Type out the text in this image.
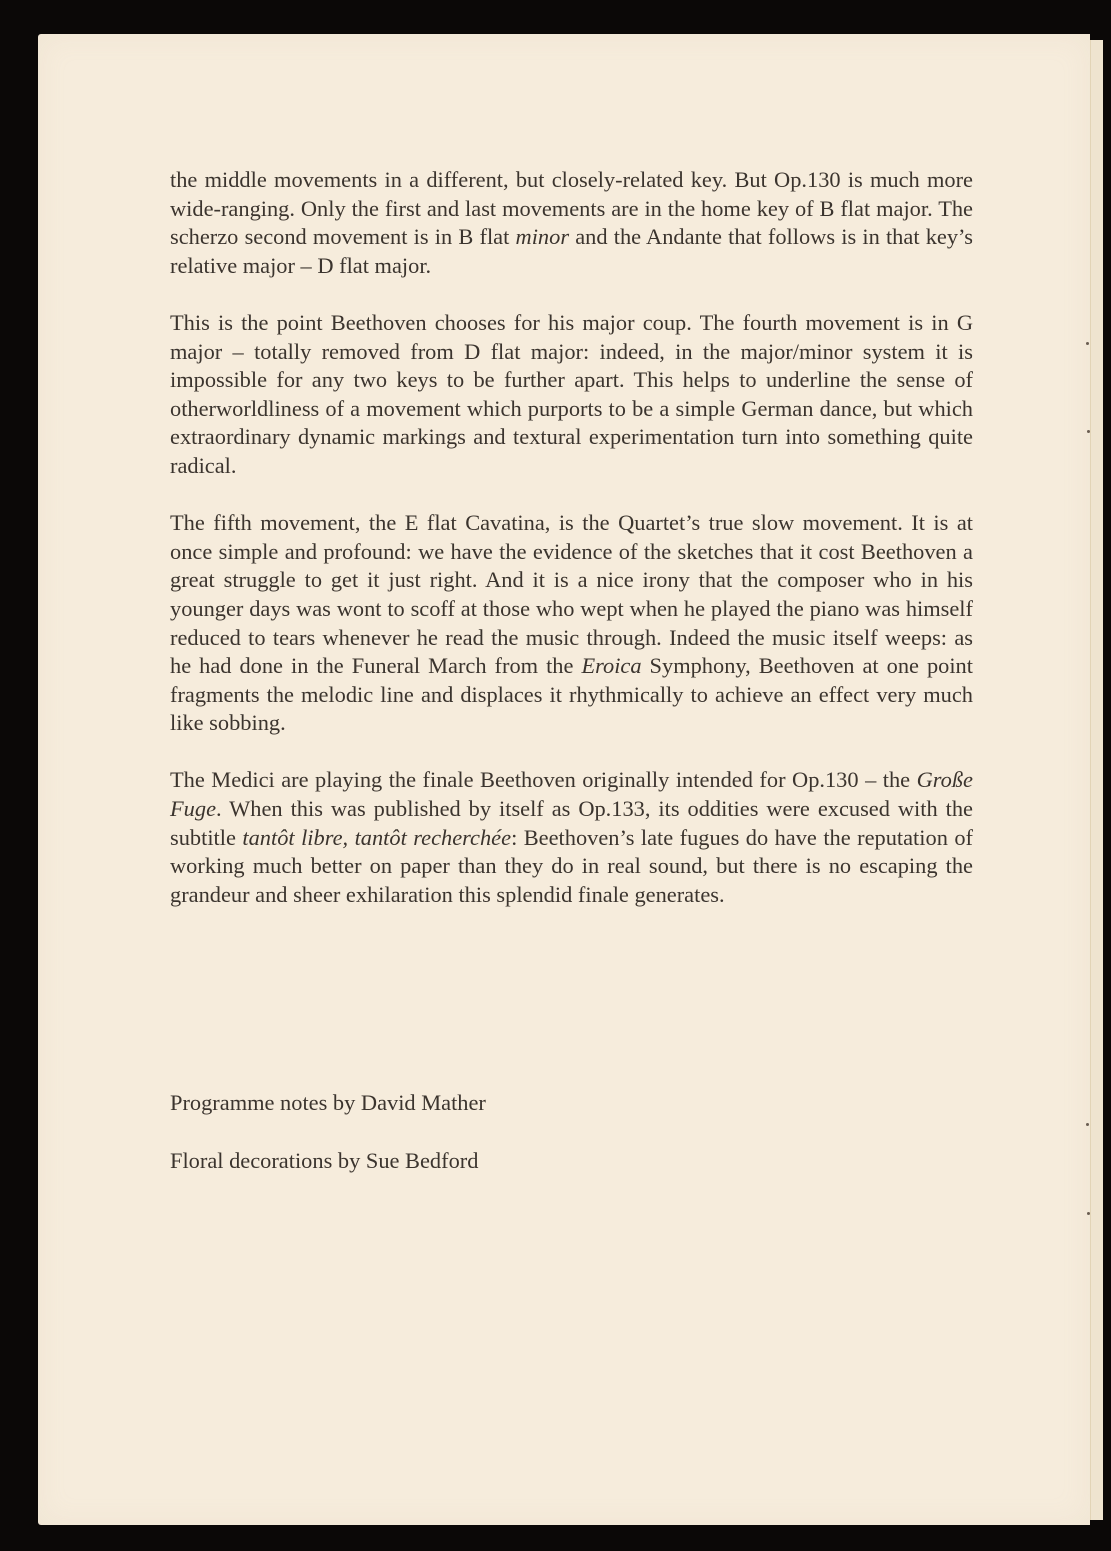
the middle movements in a different, but closely-related key. But Op.130 is much more wide-ranging. Only the first and last movements are in the home key of B flat major. The scherzo second movement is in B flat minor and the Andante that follows is in that key’s relative major – D flat major.

This is the point Beethoven chooses for his major coup. The fourth movement is in G major – totally removed from D flat major: indeed, in the major/minor system it is impossible for any two keys to be further apart. This helps to underline the sense of otherworldliness of a movement which purports to be a simple German dance, but which extraordinary dynamic markings and textural experimentation turn into something quite radical.

The fifth movement, the E flat Cavatina, is the Quartet’s true slow movement. It is at once simple and profound: we have the evidence of the sketches that it cost Beethoven a great struggle to get it just right. And it is a nice irony that the composer who in his younger days was wont to scoff at those who wept when he played the piano was himself reduced to tears whenever he read the music through. Indeed the music itself weeps: as he had done in the Funeral March from the Eroica Symphony, Beethoven at one point fragments the melodic line and displaces it rhythmically to achieve an effect very much like sobbing.

The Medici are playing the finale Beethoven originally intended for Op.130 – the Große Fuge. When this was published by itself as Op.133, its oddities were excused with the subtitle tantôt libre, tantôt recherchée: Beethoven’s late fugues do have the reputation of working much better on paper than they do in real sound, but there is no escaping the grandeur and sheer exhilaration this splendid finale generates.

Programme notes by David Mather

Floral decorations by Sue Bedford
